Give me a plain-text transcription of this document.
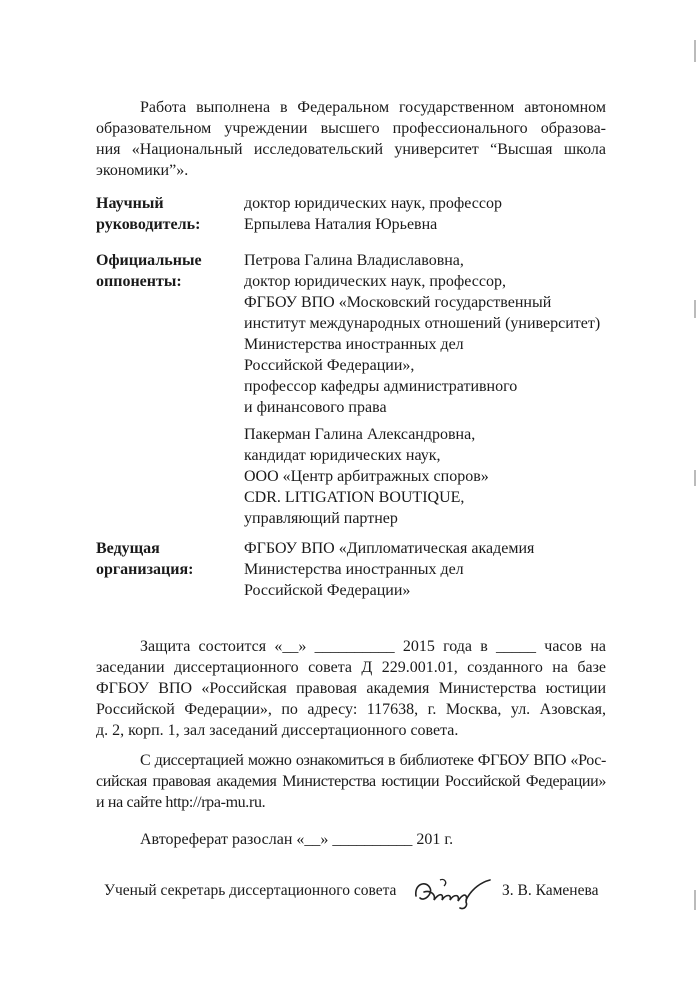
Работа выполнена в Федеральном государственном автономном
образовательном учреждении высшего профессионального образова-
ния «Национальный исследовательский университет “Высшая школа
экономики”».
Научный
руководитель:
доктор юридических наук, профессор
Ерпылева Наталия Юрьевна
Официальные
оппоненты:
Петрова Галина Владиславовна,
доктор юридических наук, профессор,
ФГБОУ ВПО «Московский государственный
институт международных отношений (университет)
Министерства иностранных дел
Российской Федерации»,
профессор кафедры административного
и финансового права
Пакерман Галина Александровна,
кандидат юридических наук,
ООО «Центр арбитражных споров»
CDR. LITIGATION BOUTIQUE,
управляющий партнер
Ведущая
организация:
ФГБОУ ВПО «Дипломатическая академия
Министерства иностранных дел
Российской Федерации»
Защита состоится «__» __________ 2015 года в _____ часов на
заседании диссертационного совета Д 229.001.01, созданного на базе
ФГБОУ ВПО «Российская правовая академия Министерства юстиции
Российской Федерации», по адресу: 117638, г. Москва, ул. Азовская,
д. 2, корп. 1, зал заседаний диссертационного совета.
С диссертацией можно ознакомиться в библиотеке ФГБОУ ВПО «Рос-
сийская правовая академия Министерства юстиции Российской Федерации»
и на сайте http://rpa-mu.ru.
Автореферат разослан «__» __________ 201 г.
Ученый секретарь диссертационного совета	З. В. Каменева
